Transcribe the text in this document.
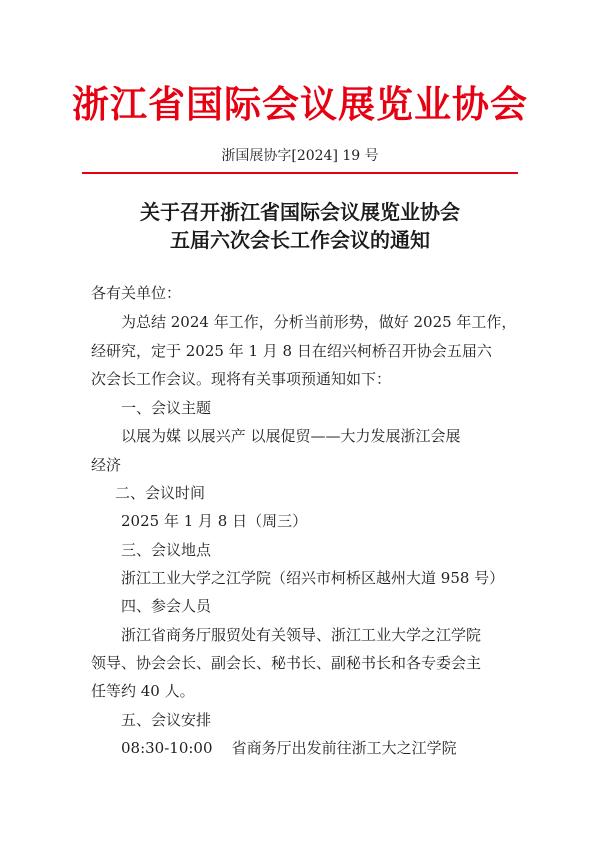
浙江省国际会议展览业协会
浙国展协字[2024] 19 号
关于召开浙江省国际会议展览业协会
五届六次会长工作会议的通知
各有关单位：
为总结 2024 年工作，分析当前形势，做好 2025 年工作，
经研究，定于 2025 年 1 月 8 日在绍兴柯桥召开协会五届六
次会长工作会议。现将有关事项预通知如下：
一、会议主题
以展为媒 以展兴产 以展促贸——大力发展浙江会展
经济
二、会议时间
2025 年 1 月 8 日（周三）
三、会议地点
浙江工业大学之江学院（绍兴市柯桥区越州大道 958 号）
四、参会人员
浙江省商务厅服贸处有关领导、浙江工业大学之江学院
领导、协会会长、副会长、秘书长、副秘书长和各专委会主
任等约 40 人。
五、会议安排
08:30-10:00    省商务厅出发前往浙工大之江学院
